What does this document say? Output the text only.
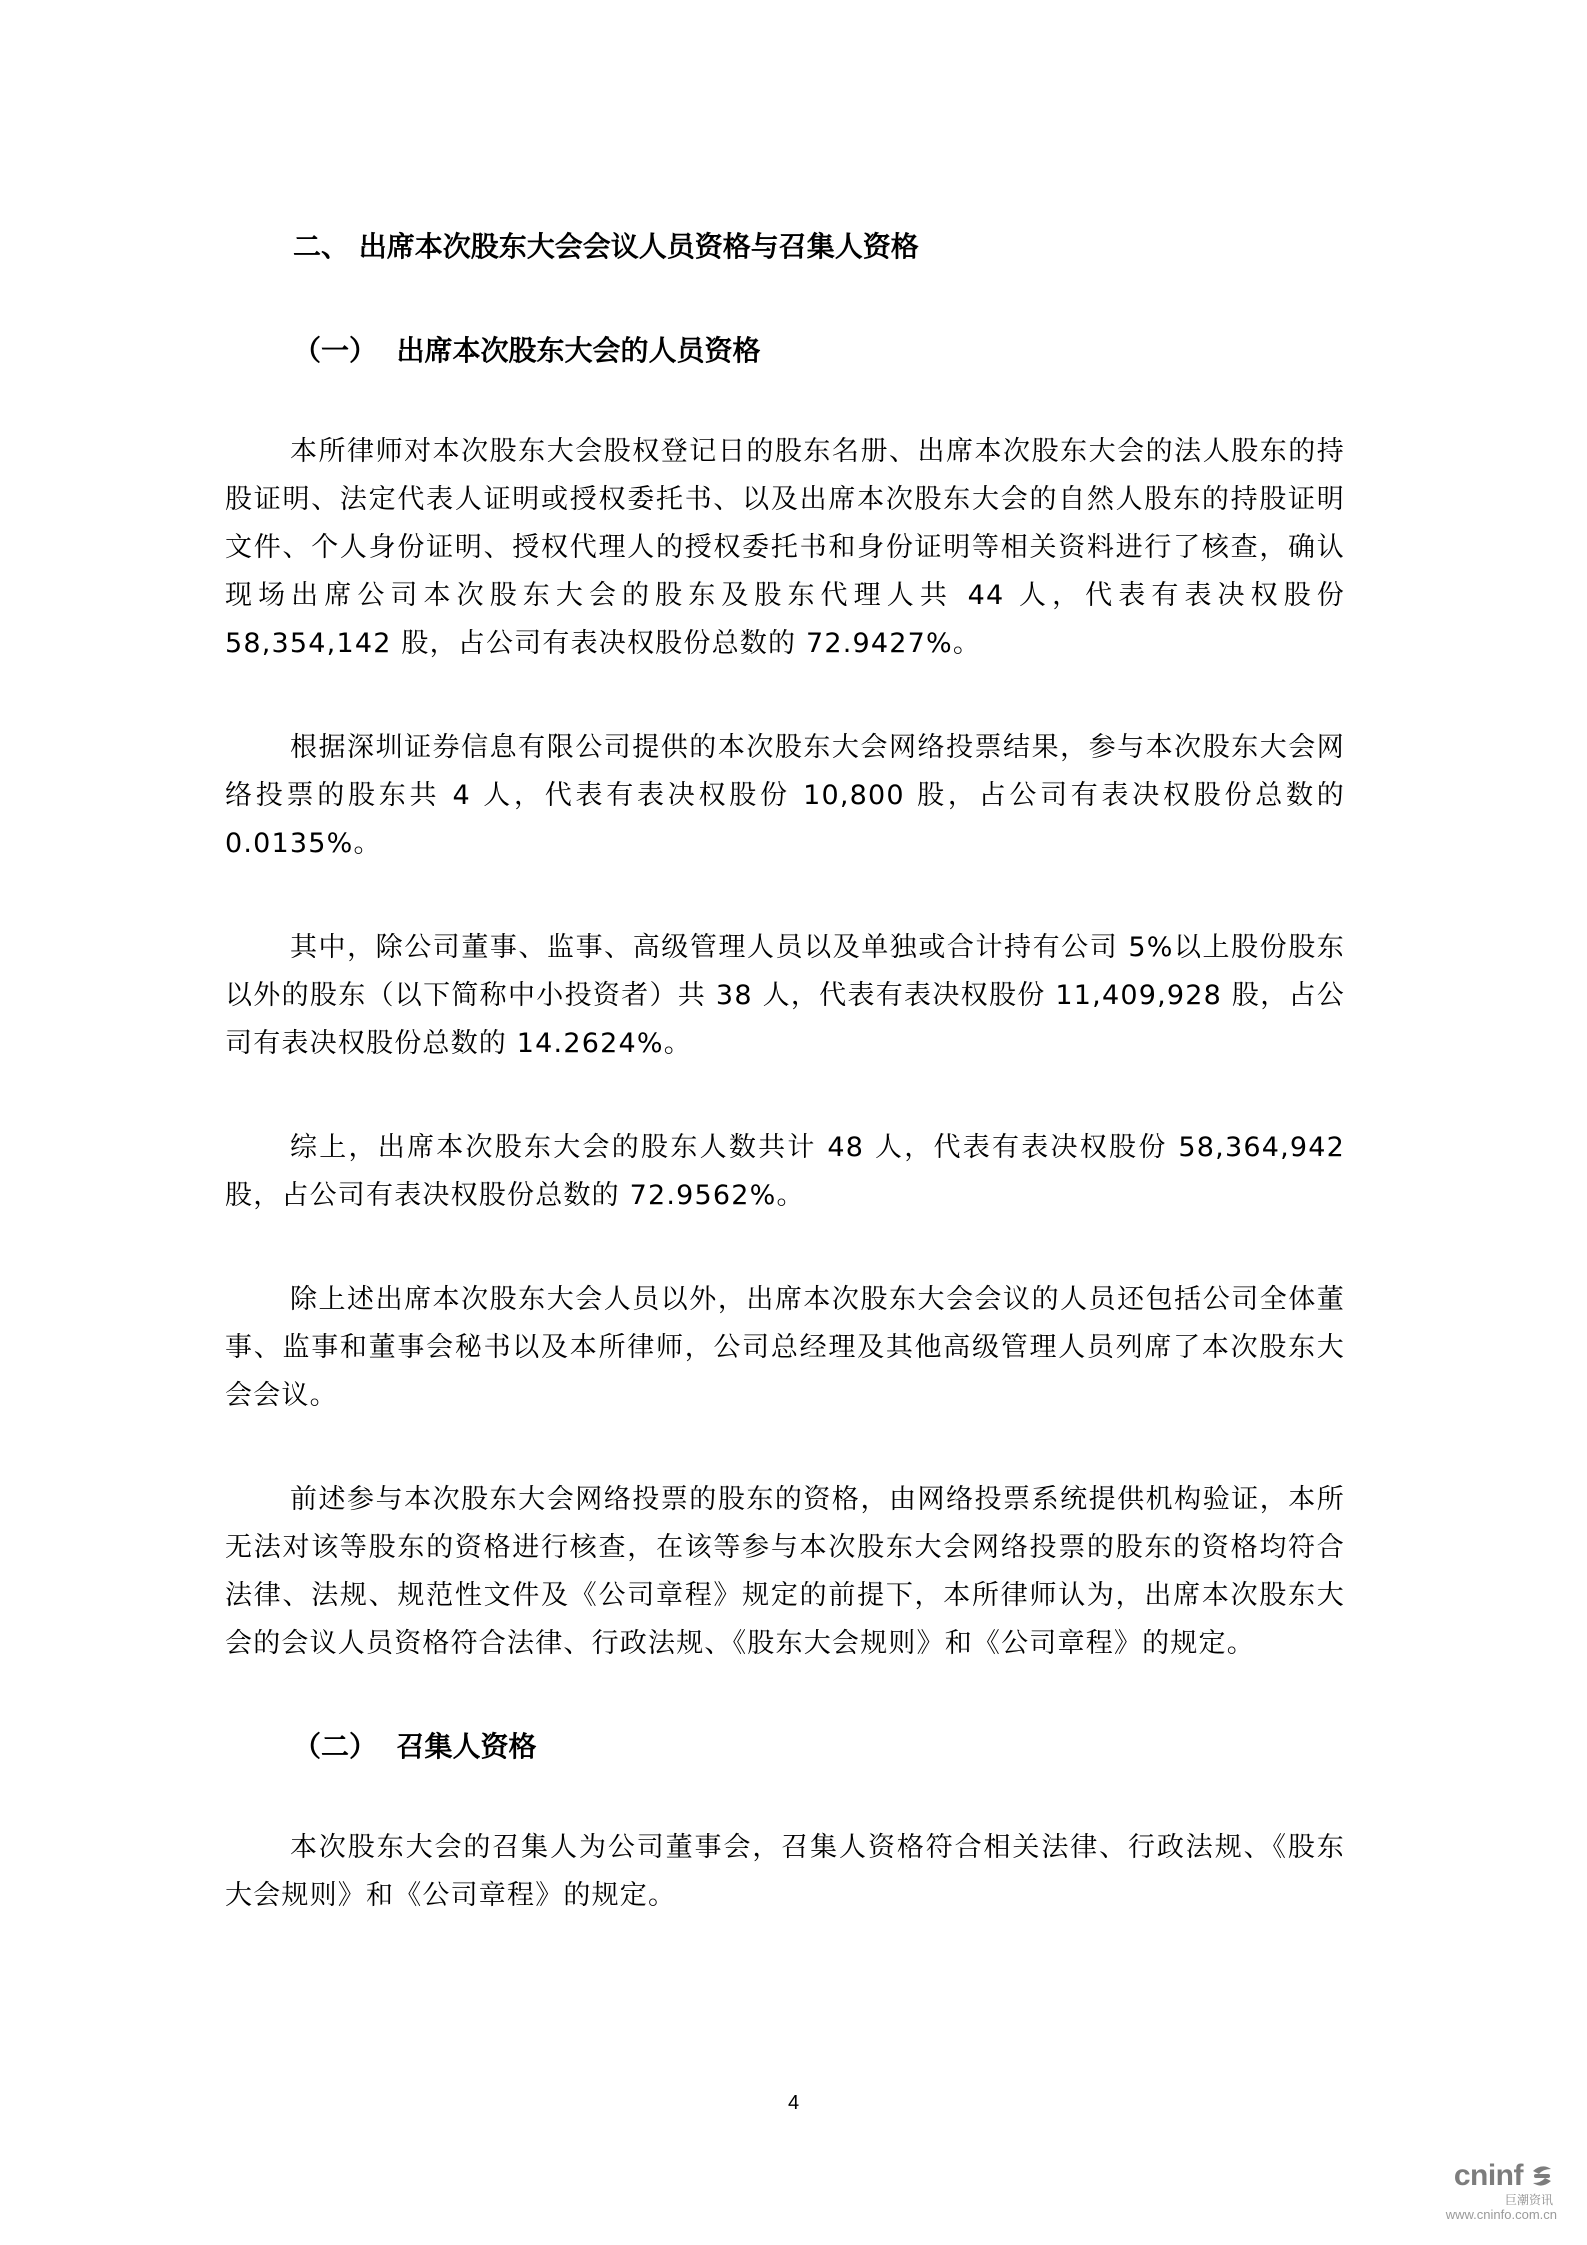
二、 出席本次股东大会会议人员资格与召集人资格

（一）  出席本次股东大会的人员资格

本所律师对本次股东大会股权登记日的股东名册、出席本次股东大会的法人股东的持股证明、法定代表人证明或授权委托书、以及出席本次股东大会的自然人股东的持股证明文件、个人身份证明、授权代理人的授权委托书和身份证明等相关资料进行了核查，确认现场出席公司本次股东大会的股东及股东代理人共 44 人，代表有表决权股份 58,354,142 股，占公司有表决权股份总数的 72.9427%。

根据深圳证券信息有限公司提供的本次股东大会网络投票结果，参与本次股东大会网络投票的股东共 4 人，代表有表决权股份 10,800 股，占公司有表决权股份总数的 0.0135%。

其中，除公司董事、监事、高级管理人员以及单独或合计持有公司 5%以上股份股东以外的股东（以下简称中小投资者）共 38 人，代表有表决权股份 11,409,928 股，占公司有表决权股份总数的 14.2624%。

综上，出席本次股东大会的股东人数共计 48 人，代表有表决权股份 58,364,942 股，占公司有表决权股份总数的 72.9562%。

除上述出席本次股东大会人员以外，出席本次股东大会会议的人员还包括公司全体董事、监事和董事会秘书以及本所律师，公司总经理及其他高级管理人员列席了本次股东大会会议。

前述参与本次股东大会网络投票的股东的资格，由网络投票系统提供机构验证，本所无法对该等股东的资格进行核查，在该等参与本次股东大会网络投票的股东的资格均符合法律、法规、规范性文件及《公司章程》规定的前提下，本所律师认为，出席本次股东大会的会议人员资格符合法律、行政法规、《股东大会规则》和《公司章程》的规定。

（二）  召集人资格

本次股东大会的召集人为公司董事会，召集人资格符合相关法律、行政法规、《股东大会规则》和《公司章程》的规定。

4
cninf
巨潮资讯
www.cninfo.com.cn
